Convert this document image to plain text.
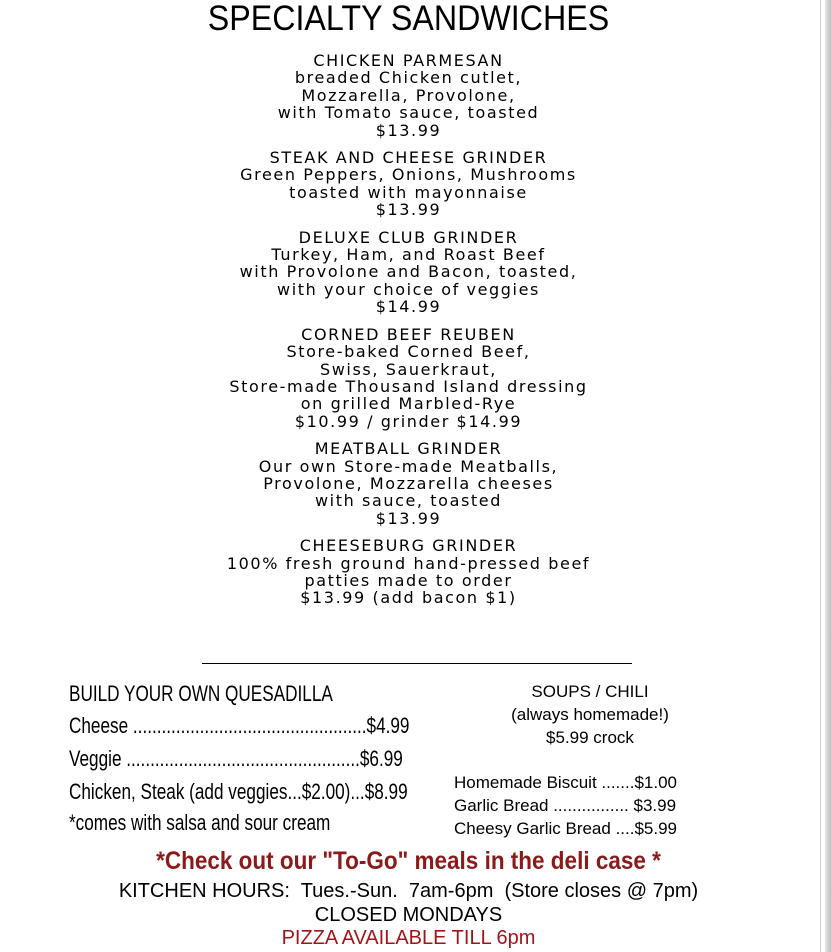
SPECIALTY SANDWICHES
CHICKEN PARMESAN
breaded Chicken cutlet,
Mozzarella, Provolone,
with Tomato sauce, toasted
$13.99
STEAK AND CHEESE GRINDER
Green Peppers, Onions, Mushrooms
toasted with mayonnaise
$13.99
DELUXE CLUB GRINDER
Turkey, Ham, and Roast Beef
with Provolone and Bacon, toasted,
with your choice of veggies
$14.99
CORNED BEEF REUBEN
Store-baked Corned Beef,
Swiss, Sauerkraut,
Store-made Thousand Island dressing
on grilled Marbled-Rye
$10.99 / grinder $14.99
MEATBALL GRINDER
Our own Store-made Meatballs,
Provolone, Mozzarella cheeses
with sauce, toasted
$13.99
CHEESEBURG GRINDER
100% fresh ground hand-pressed beef
patties made to order
$13.99 (add bacon $1)
BUILD YOUR OWN QUESADILLA
Cheese .................................................$4.99
Veggie .................................................$6.99
Chicken, Steak (add veggies...$2.00)...$8.99
*comes with salsa and sour cream
SOUPS / CHILI
(always homemade!)
$5.99 crock
Homemade Biscuit .......$1.00
Garlic Bread ................ $3.99
Cheesy Garlic Bread ....$5.99
*Check out our "To-Go" meals in the deli case *
KITCHEN HOURS:  Tues.-Sun.  7am-6pm  (Store closes @ 7pm)
CLOSED MONDAYS
PIZZA AVAILABLE TILL 6pm
